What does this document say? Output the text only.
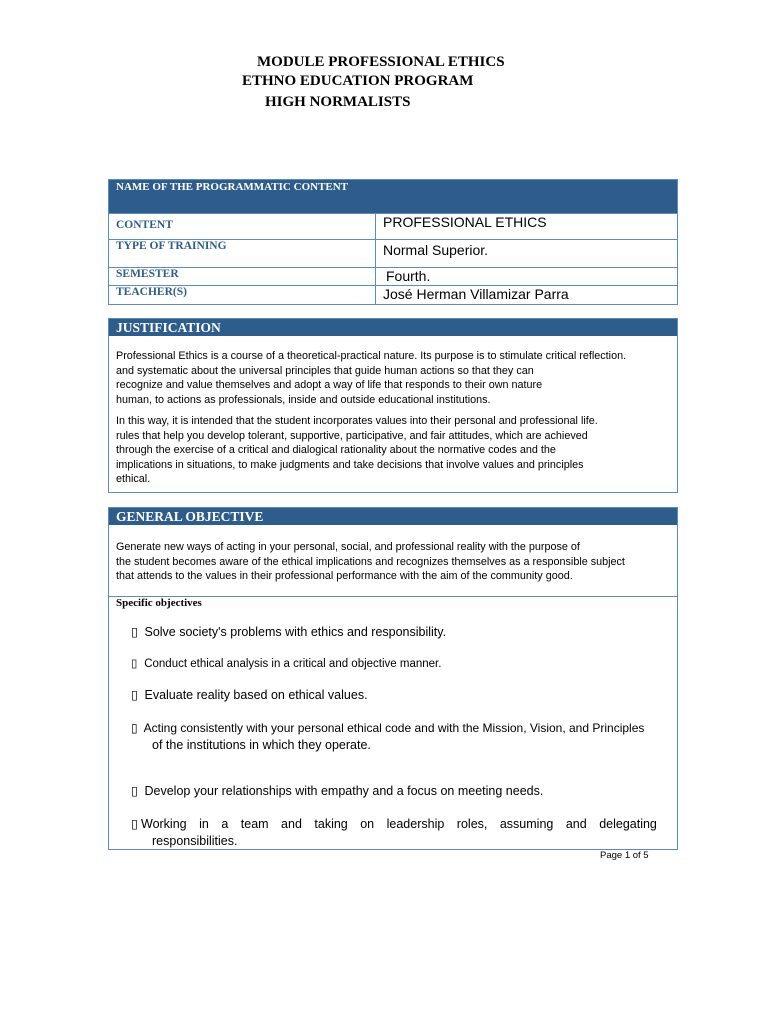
MODULE PROFESSIONAL ETHICS
ETHNO EDUCATION PROGRAM
HIGH NORMALISTS
NAME OF THE PROGRAMMATIC CONTENT
CONTENT	PROFESSIONAL ETHICS
TYPE OF TRAINING	Normal Superior.
SEMESTER	Fourth.
TEACHER(S)	José Herman Villamizar Parra
JUSTIFICATION

Professional Ethics is a course of a theoretical-practical nature. Its purpose is to stimulate critical reflection.

and systematic about the universal principles that guide human actions so that they can

recognize and value themselves and adopt a way of life that responds to their own nature

human, to actions as professionals, inside and outside educational institutions.

In this way, it is intended that the student incorporates values into their personal and professional life.

rules that help you develop tolerant, supportive, participative, and fair attitudes, which are achieved

through the exercise of a critical and dialogical rationality about the normative codes and the

implications in situations, to make judgments and take decisions that involve values and principles

ethical.

GENERAL OBJECTIVE

Generate new ways of acting in your personal, social, and professional reality with the purpose of

the student becomes aware of the ethical implications and recognizes themselves as a responsible subject

that attends to the values in their professional performance with the aim of the community good.

Specific objectives
▯ Solve society's problems with ethics and responsibility.
▯ Conduct ethical analysis in a critical and objective manner.
▯ Evaluate reality based on ethical values.
▯ Acting consistently with your personal ethical code and with the Mission, Vision, and Principles
of the institutions in which they operate.
▯ Develop your relationships with empathy and a focus on meeting needs.
▯ Working in a team and taking on leadership roles, assuming and delegating
responsibilities.
Page 1 of 5
